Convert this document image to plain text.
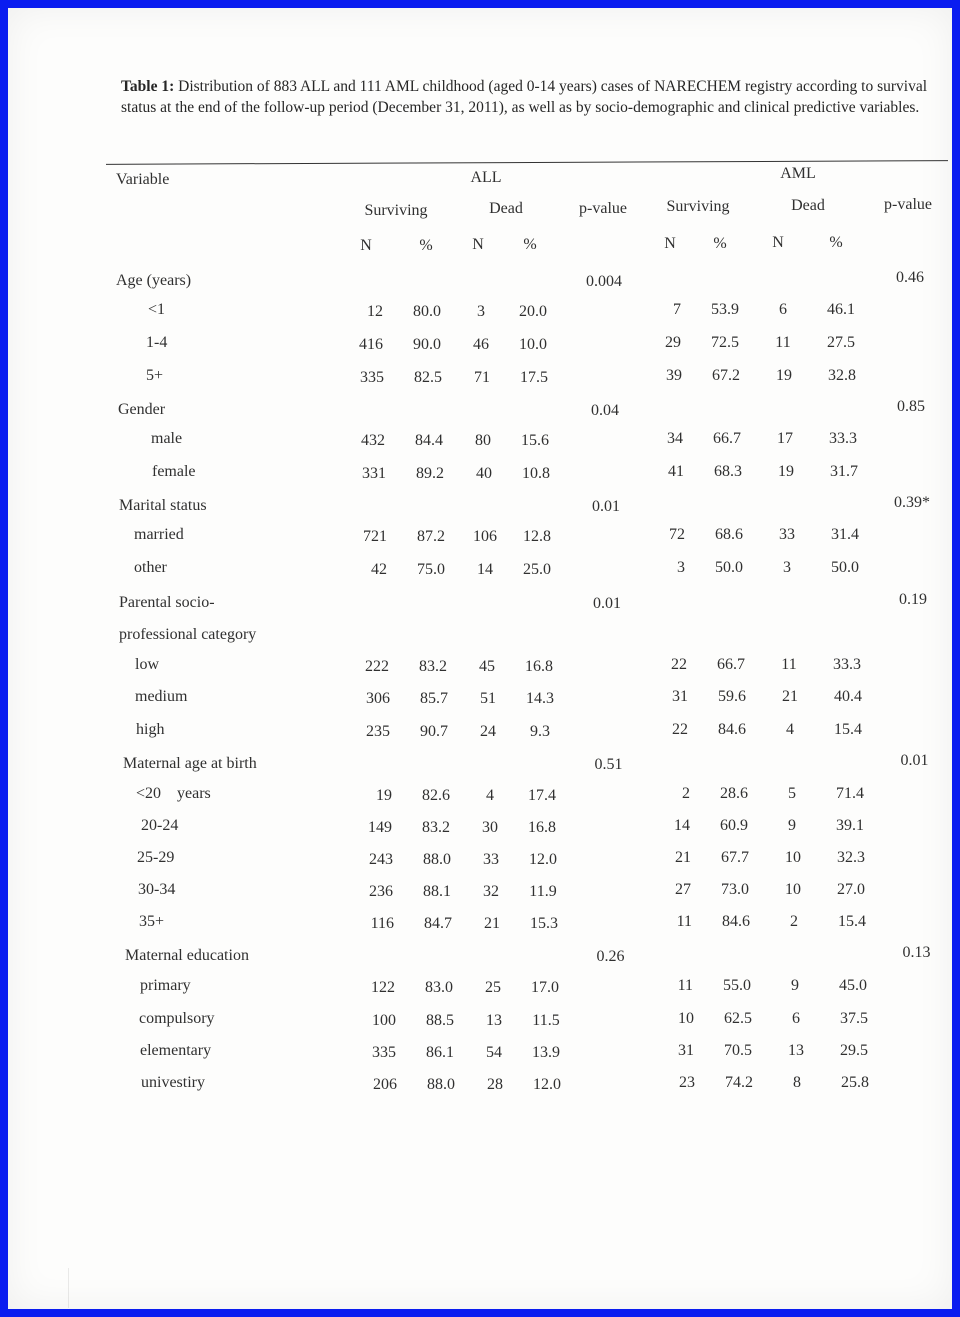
Table 1: Distribution of 883 ALL and 111 AML childhood (aged 0-14 years) cases of NARECHEM registry according to survival status at the end of the follow-up period (December 31, 2011), as well as by socio-demographic and clinical predictive variables.
Variable	ALL	AML
Surviving	Dead	p-value Surviving	Dead	p-value
N	% N %	N %	N	%
Age (years)	0.004	0.46
<1	12 80.0 3 20.0	7 53.9	6	46.1
1-4	416 90.0 46 10.0	29 72.5 11 27.5
5+	335 82.5 71 17.5	39 67.2 19 32.8
Gender	0.04	0.85
male	432 84.4 80 15.6	34 66.7 17 33.3
female	331 89.2 40 10.8	41 68.3 19 31.7
Marital status	0.01	0.39*
married	721 87.2 106 12.8	72 68.6 33 31.4
other	42 75.0 14 25.0	3 50.0	3	50.0
Parental socio-	0.01	0.19
professional category
low	222 83.2 45 16.8	22 66.7 11 33.3
medium	306 85.7 51 14.3	31 59.6 21 40.4
high	235 90.7 24 9.3	22 84.6	4	15.4
Maternal age at birth	0.51	0.01
<20    years	19 82.6 4 17.4	2 28.6	5	71.4
20-24	149 83.2 30 16.8	14 60.9	9	39.1
25-29	243 88.0 33 12.0	21 67.7 10 32.3
30-34	236 88.1 32 11.9	27 73.0 10 27.0
35+	116 84.7 21 15.3	11 84.6	2	15.4
Maternal education	0.26	0.13
primary	122 83.0 25 17.0	11 55.0	9	45.0
compulsory	100 88.5 13 11.5	10 62.5	6	37.5
elementary	335 86.1 54 13.9	31 70.5 13 29.5
univestiry	206 88.0 28 12.0	23 74.2	8	25.8
